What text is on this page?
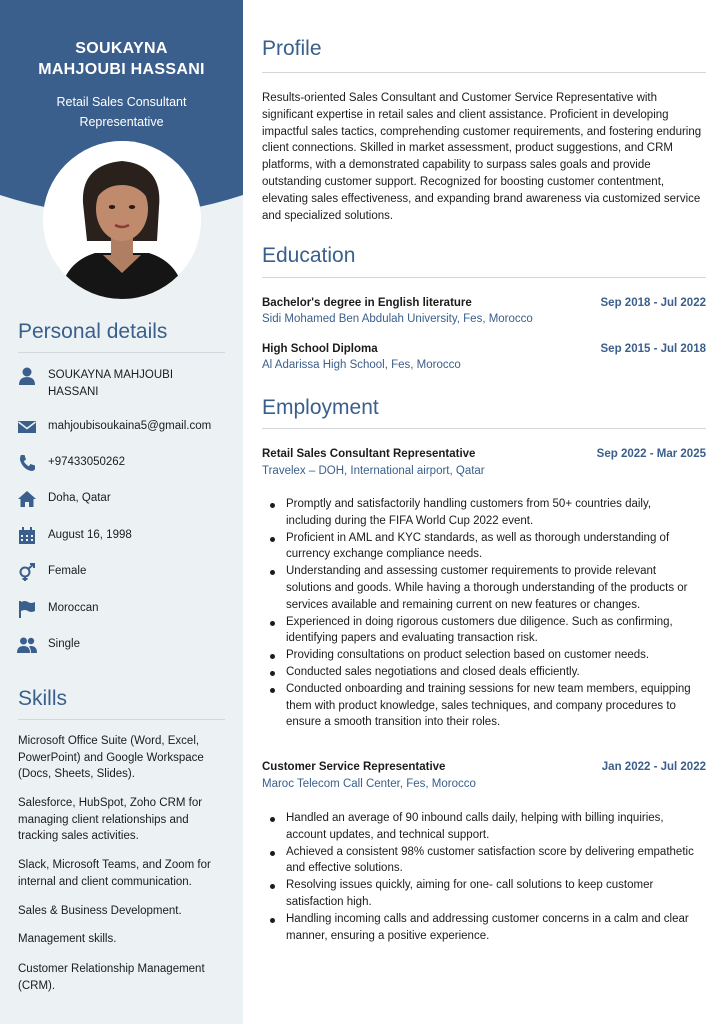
SOUKAYNA
MAHJOUBI HASSANI
Retail Sales Consultant
Representative
Personal details
SOUKAYNA MAHJOUBI
HASSANI
mahjoubisoukaina5@gmail.com
+97433050262
Doha, Qatar
August 16, 1998
Female
Moroccan
Single
Skills
Microsoft Office Suite (Word, Excel, PowerPoint) and Google Workspace (Docs, Sheets, Slides).
Salesforce, HubSpot, Zoho CRM for managing client relationships and tracking sales activities.
Slack, Microsoft Teams, and Zoom for internal and client communication.
Sales & Business Development.
Management skills.
Customer Relationship Management (CRM).
Profile
Results-oriented Sales Consultant and Customer Service Representative with significant expertise in retail sales and client assistance. Proficient in developing impactful sales tactics, comprehending customer requirements, and fostering enduring client connections. Skilled in market assessment, product suggestions, and CRM platforms, with a demonstrated capability to surpass sales goals and provide outstanding customer support. Recognized for boosting customer contentment, elevating sales effectiveness, and expanding brand awareness via customized service and specialized solutions.
Education
Bachelor's degree in English literature	Sep 2018 - Jul 2022
Sidi Mohamed Ben Abdulah University, Fes, Morocco
High School Diploma	Sep 2015 - Jul 2018
Al Adarissa High School, Fes, Morocco
Employment
Retail Sales Consultant Representative	Sep 2022 - Mar 2025
Travelex – DOH, International airport, Qatar
Promptly and satisfactorily handling customers from 50+ countries daily, including during the FIFA World Cup 2022 event.
Proficient in AML and KYC standards, as well as thorough understanding of currency exchange compliance needs.
Understanding and assessing customer requirements to provide relevant solutions and goods. While having a thorough understanding of the products or services available and remaining current on new features or changes.
Experienced in doing rigorous customers due diligence. Such as confirming, identifying papers and evaluating transaction risk.
Providing consultations on product selection based on customer needs.
Conducted sales negotiations and closed deals efficiently.
Conducted onboarding and training sessions for new team members, equipping them with product knowledge, sales techniques, and company procedures to ensure a smooth transition into their roles.
Customer Service Representative	Jan 2022 - Jul 2022
Maroc Telecom Call Center, Fes, Morocco
Handled an average of 90 inbound calls daily, helping with billing inquiries, account updates, and technical support.
Achieved a consistent 98% customer satisfaction score by delivering empathetic and effective solutions.
Resolving issues quickly, aiming for one- call solutions to keep customer satisfaction high.
Handling incoming calls and addressing customer concerns in a calm and clear manner, ensuring a positive experience.
